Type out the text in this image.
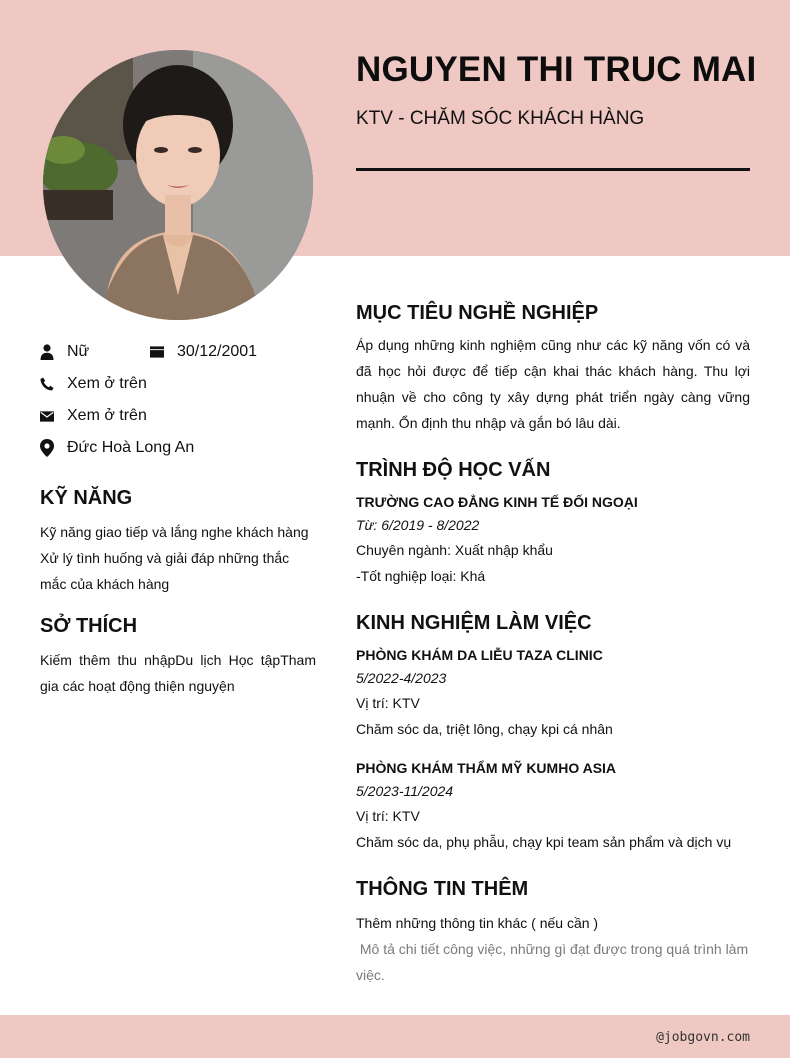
NGUYEN THI TRUC MAI
KTV - CHĂM SÓC KHÁCH HÀNG
Nữ	30/12/2001
Xem ở trên
Xem ở trên
Đức Hoà Long An
KỸ NĂNG
Kỹ năng giao tiếp và lắng nghe khách hàng
Xử lý tình huống và giải đáp những thắc mắc của khách hàng
SỞ THÍCH
Kiếm thêm thu nhậpDu lịch Học tậpTham gia các hoạt động thiện nguyện
MỤC TIÊU NGHỀ NGHIỆP
Áp dụng những kinh nghiệm cũng như các kỹ năng vốn có và đã học hỏi được để tiếp cận khai thác khách hàng. Thu lợi nhuận về cho công ty xây dựng phát triển ngày càng vững mạnh. Ổn định thu nhập và gắn bó lâu dài.
TRÌNH ĐỘ HỌC VẤN
TRƯỜNG CAO ĐẲNG KINH TẾ ĐỐI NGOẠI
Từ: 6/2019 - 8/2022
Chuyên ngành: Xuất nhập khẩu
-Tốt nghiệp loại: Khá
KINH NGHIỆM LÀM VIỆC
PHÒNG KHÁM DA LIỄU TAZA CLINIC
5/2022-4/2023
Vị trí: KTV
Chăm sóc da, triệt lông, chạy kpi cá nhân
PHÒNG KHÁM THẨM MỸ KUMHO ASIA
5/2023-11/2024
Vị trí: KTV
Chăm sóc da, phụ phẫu, chạy kpi team sản phẩm và dịch vụ
THÔNG TIN THÊM
Thêm những thông tin khác ( nếu cần )
Mô tả chi tiết công việc, những gì đạt được trong quá trình làm việc.
@jobgovn.com
